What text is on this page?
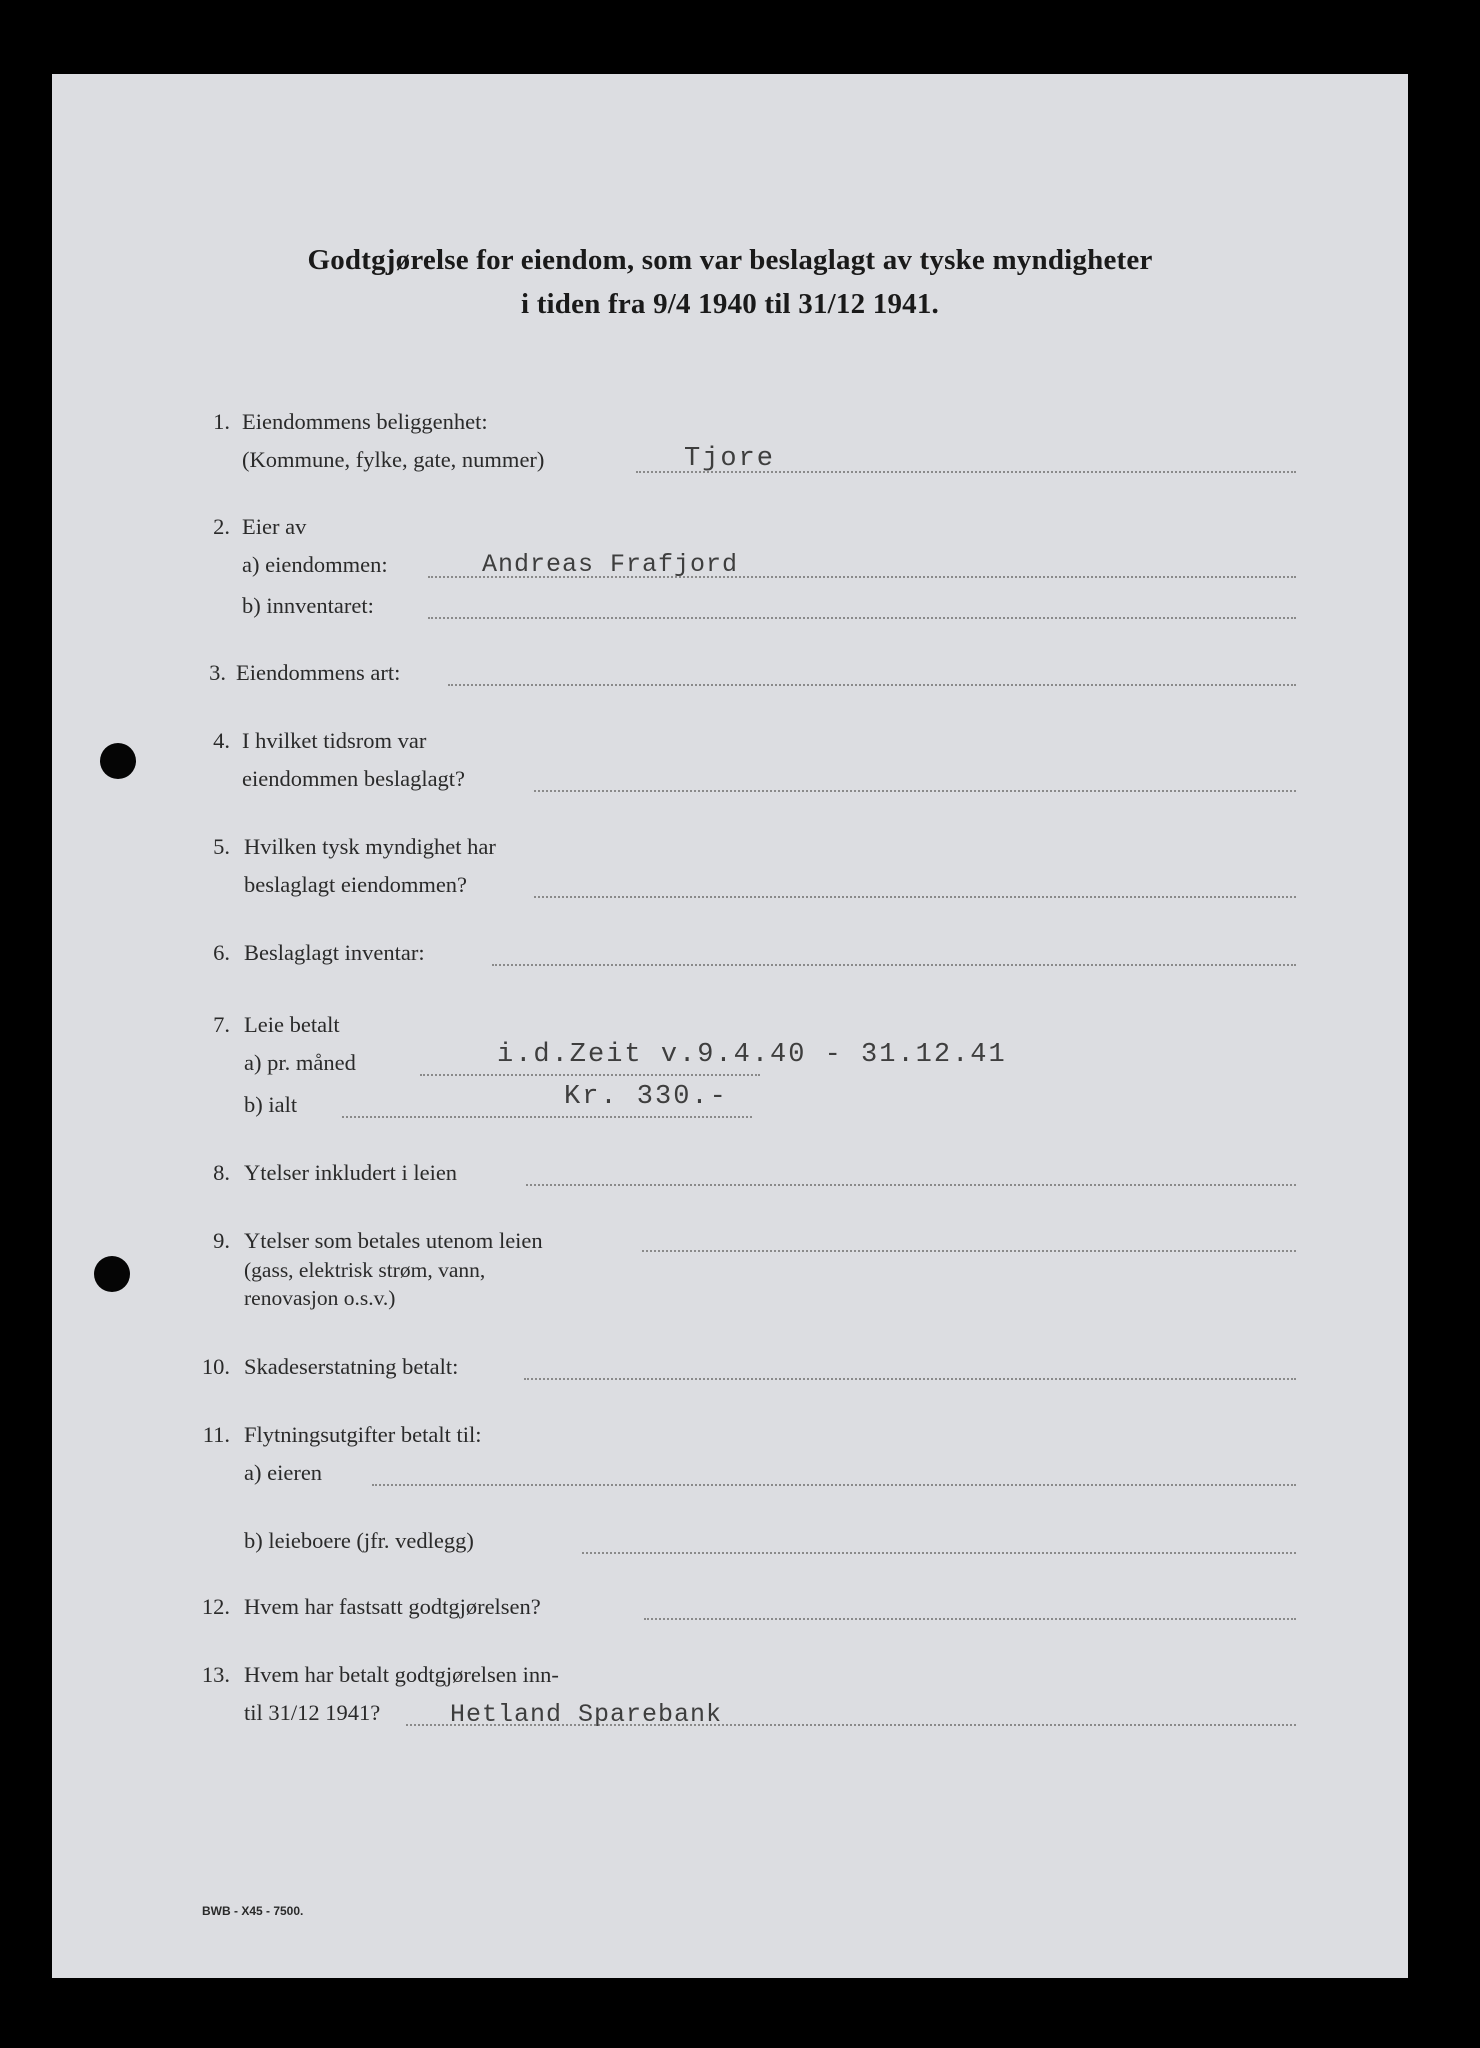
Godtgjørelse for eiendom, som var beslaglagt av tyske myndigheter
i tiden fra 9/4 1940 til 31/12 1941.
1. Eiendommens beliggenhet:
(Kommune, fylke, gate, nummer)	Tjore
2. Eier av
a) eiendommen:	Andreas Frafjord
b) innventaret:
3. Eiendommens art:
4. I hvilket tidsrom var
eiendommen beslaglagt?
5. Hvilken tysk myndighet har
beslaglagt eiendommen?
6. Beslaglagt inventar:
7. Leie betalt
a) pr. måned	i.d.Zeit v.9.4.40 - 31.12.41
b) ialt	Kr. 330.-
8. Ytelser inkludert i leien
9. Ytelser som betales utenom leien
(gass, elektrisk strøm, vann,
renovasjon o.s.v.)
10. Skadeserstatning betalt:
11. Flytningsutgifter betalt til:
a) eieren
b) leieboere (jfr. vedlegg)
12. Hvem har fastsatt godtgjørelsen?
13. Hvem har betalt godtgjørelsen inn-
til 31/12 1941?	Hetland Sparebank
BWB - X45 - 7500.
